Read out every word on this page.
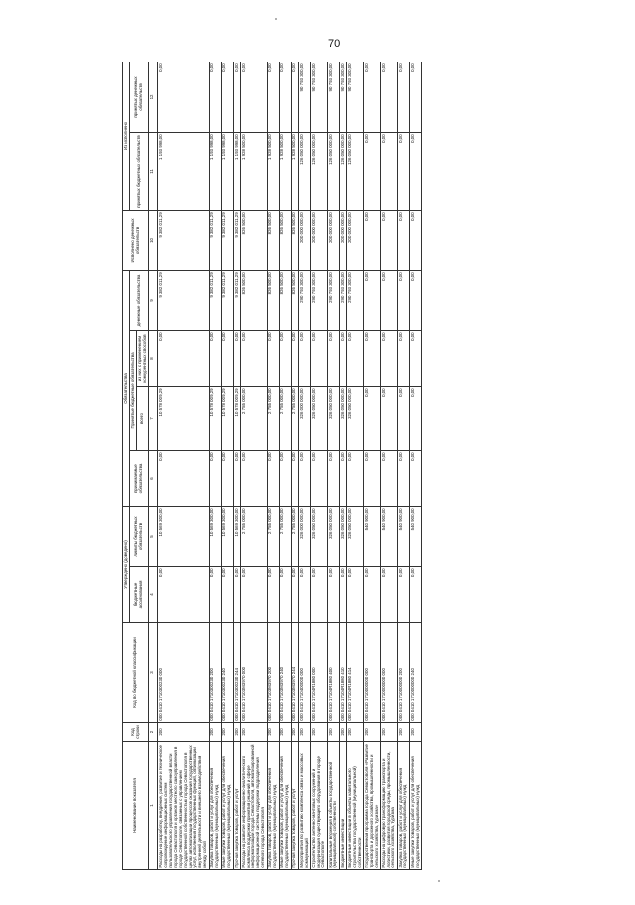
70
Наименование показателя	Код строки	Код по бюджетной классификации	Утверждено (доведено)		Обязательства				Исполнено денежных обязательств	Из исполнено	
			бюджетные ассигнования	лимиты бюджетных обязательств	принимаемые обязательства	Принятые бюджетные обязательства		денежные обязательства		принятых бюджетных обязательств	принятых денежных обязательств
						всего	из них с применением конкурентных способов				
1	2	3	4	5	6	7	8	9	10	11	12
Расходы на разработку, внедрение, развитие и техническое сопровождение информационных систем пользовательского управления государственной власти города Севастополя и органов местного самоуправления в городе Севастополе, связанных с управлением государственной собственностью города Севастополя в целях автоматизации процессов оказания государственных услуг, исполнения государственных функций, оптимизации внутренней деятельности и внешнего взаимодействия между собой	200	000 0410 1710300230 000	0,00	10 569 300,00	0,00	10 578 009,29	0,00	9 382 011,29	9 382 011,29	1 193 998,00	0,00
Закупка товаров, работ и услуг для обеспечения государственных (муниципальных) нужд	200	000 0410 1710300230 200	0,00	10 569 300,00	0,00	10 578 009,29	0,00	9 382 011,29	9 382 011,29	1 193 998,00	0,00
Иные закупки товаров, работ и услуг для обеспечения государственных (муниципальных) нужд	200	000 0410 1710300230 240	0,00	10 569 300,00	0,00	10 578 009,29	0,00	9 382 011,29	9 382 011,29	1 193 998,00	0,00
Прочая закупка товаров, работ и услуг	200	000 0410 1710300230 244	0,00	10 569 300,00	0,00	10 578 009,29	0,00	9 382 011,29	9 382 011,29	1 193 998,00	0,00
Расходы на развитие информационно-аналитического комплекса поддержки принятия решений и сфере информатизации города Севастополя, автоматизированной информационной системы поддержки подразделения сетевого города Севастополя	200	000 0410 17103М3970 000	0,00	2 755 000,00	0,00	2 755 000,00	0,00	826 500,00	826 500,00	1 928 500,00	0,00
Закупка товаров, работ и услуг для обеспечения государственных (муниципальных) нужд	200	000 0410 17103М3970 200	0,00	2 755 000,00	0,00	2 755 000,00	0,00	826 500,00	826 500,00	1 928 500,00	0,00
Иные закупки товаров, работ и услуг для обеспечения государственных (муниципальных) нужд	200	000 0410 17103М3970 240	0,00	2 755 000,00	0,00	2 755 000,00	0,00	826 500,00	826 500,00	1 928 500,00	0,00
Прочая закупка товаров, работ и услуг	200	000 0410 17103М3970 244	0,00	2 755 000,00	0,00	2 755 000,00	0,00	826 500,00	826 500,00	1 928 500,00	0,00
Мероприятия по развитию комплекса связи и массовых коммуникаций	200	000 0410 1710400000 000	0,00	326 000 000,00	0,00	326 000 000,00	0,00	290 793 300,00	200 000 000,00	126 050 000,00	90 793 300,00
Строительство антенно-мачтовых сооружений и модернизация существующего оборудования в городе Севастополе	200	000 0410 17104R1880 000	0,00	326 050 000,00	0,00	326 050 000,00	0,00	290 793 300,00	200 000 000,00	126 050 000,00	90 793 300,00
Капитальные вложения в объекты государственной (муниципальной) собственности	200	000 0410 17104R1880 400	0,00	326 050 000,00	0,00	326 050 000,00	0,00	290 793 300,00	200 000 000,00	126 050 000,00	90 793 300,00
Бюджетные инвестиции	200	000 0410 17104R1880 410	0,00	326 050 000,00	0,00	326 050 000,00	0,00	290 793 300,00	200 000 000,00	126 050 000,00	90 793 300,00
Бюджетные инвестиции в объекты капитального строительства государственной (муниципальной) собственности	200	000 0410 17104R1880 414	0,00	326 050 000,00	0,00	326 050 000,00	0,00	290 793 300,00	200 000 000,00	126 050 000,00	90 793 300,00
Государственная программа города Севастополя «Развитие транспорта и дорожного хозяйства, промышленности и сельского хозяйства, туризма»	200	000 0410 1710000000 000	0,00	540 900,00	0,00	0,00	0,00	0,00	0,00	0,00	0,00
Расходы на цифровую трансформацию транспорта и логистики, развития городской среды, промышленности, сельского хозяйства, туризма	200	000 0410 1710000000 000	0,00	540 900,00	0,00	0,00	0,00	0,00	0,00	0,00	0,00
Закупка товаров, работ и услуг для обеспечения государственных (муниципальных) нужд	200	000 0410 1710000000 200	0,00	540 900,00	0,00	0,00	0,00	0,00	0,00	0,00	0,00
Иные закупки товаров, работ и услуг для обеспечения государственных (муниципальных) нужд	200	000 0410 1710000000 240	0,00	540 900,00	0,00	0,00	0,00	0,00	0,00	0,00	0,00
